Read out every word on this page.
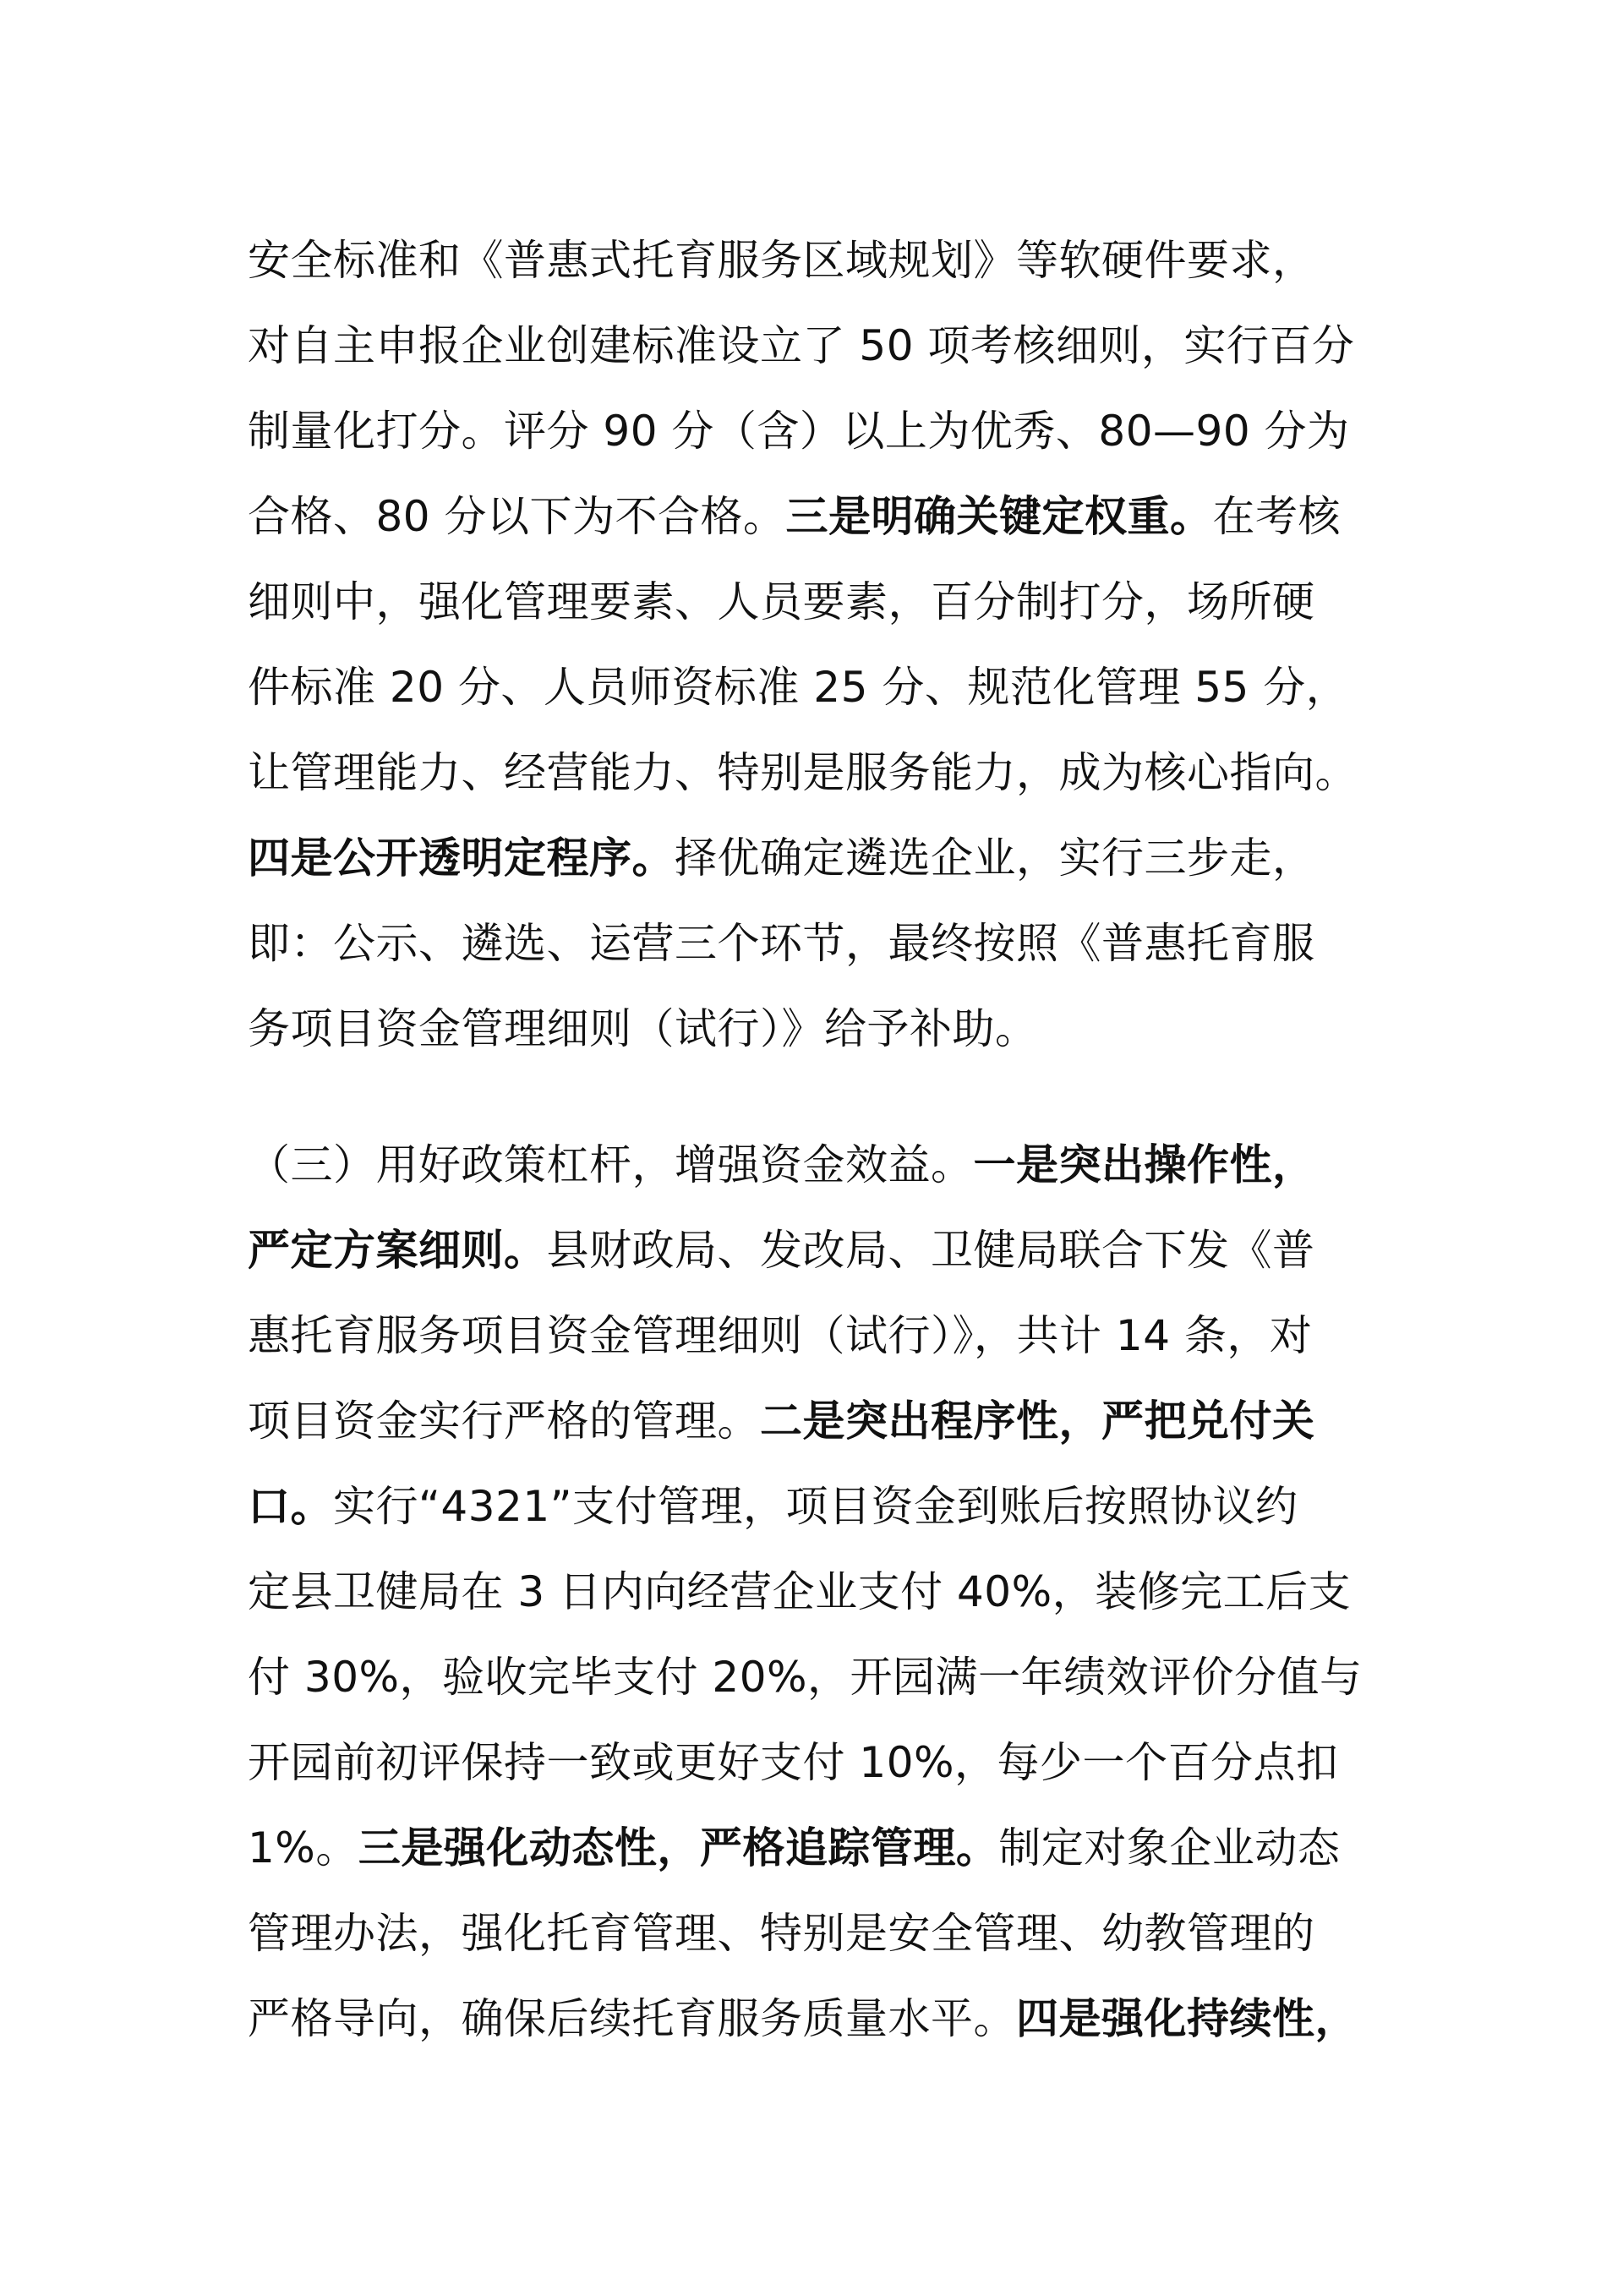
安全标准和《普惠式托育服务区域规划》等软硬件要求，
对自主申报企业创建标准设立了 50 项考核细则，实行百分
制量化打分。评分 90 分（含）以上为优秀、80—90 分为
合格、80 分以下为不合格。三是明确关键定权重。在考核
细则中，强化管理要素、人员要素，百分制打分，场所硬
件标准 20 分、人员师资标准 25 分、规范化管理 55 分，
让管理能力、经营能力、特别是服务能力，成为核心指向。
四是公开透明定程序。择优确定遴选企业，实行三步走，
即：公示、遴选、运营三个环节，最终按照《普惠托育服
务项目资金管理细则（试行）》给予补助。
（三）用好政策杠杆，增强资金效益。一是突出操作性，
严定方案细则。县财政局、发改局、卫健局联合下发《普
惠托育服务项目资金管理细则（试行）》，共计 14 条，对
项目资金实行严格的管理。二是突出程序性，严把兑付关
口。实行“4321”支付管理，项目资金到账后按照协议约
定县卫健局在 3 日内向经营企业支付 40%，装修完工后支
付 30%，验收完毕支付 20%，开园满一年绩效评价分值与
开园前初评保持一致或更好支付 10%，每少一个百分点扣
1%。三是强化动态性，严格追踪管理。制定对象企业动态
管理办法，强化托育管理、特别是安全管理、幼教管理的
严格导向，确保后续托育服务质量水平。四是强化持续性，
